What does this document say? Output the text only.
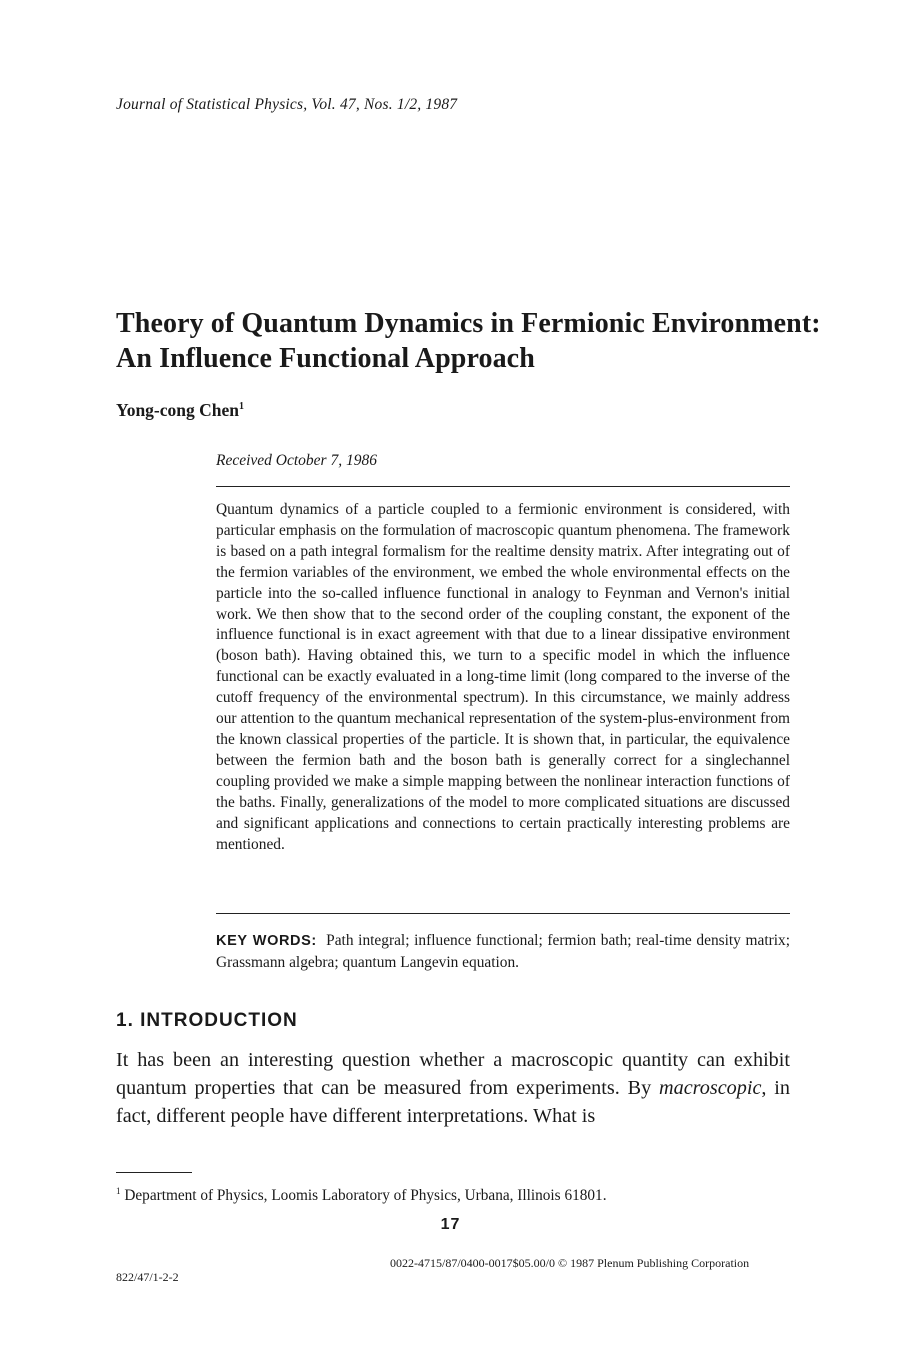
Journal of Statistical Physics, Vol. 47, Nos. 1/2, 1987
Theory of Quantum Dynamics in Fermionic Environment: An Influence Functional Approach
Yong-cong Chen$^1$
Received October 7, 1986
Quantum dynamics of a particle coupled to a fermionic environment is considered, with particular emphasis on the formulation of macroscopic quantum phenomena. The framework is based on a path integral formalism for the realtime density matrix. After integrating out of the fermion variables of the environment, we embed the whole environmental effects on the particle into the so-called influence functional in analogy to Feynman and Vernon's initial work. We then show that to the second order of the coupling constant, the exponent of the influence functional is in exact agreement with that due to a linear dissipative environment (boson bath). Having obtained this, we turn to a specific model in which the influence functional can be exactly evaluated in a long-time limit (long compared to the inverse of the cutoff frequency of the environmental spectrum). In this circumstance, we mainly address our attention to the quantum mechanical representation of the system-plus-environment from the known classical properties of the particle. It is shown that, in particular, the equivalence between the fermion bath and the boson bath is generally correct for a singlechannel coupling provided we make a simple mapping between the nonlinear interaction functions of the baths. Finally, generalizations of the model to more complicated situations are discussed and significant applications and connections to certain practically interesting problems are mentioned.
KEY WORDS: Path integral; influence functional; fermion bath; real-time density matrix; Grassmann algebra; quantum Langevin equation.
1. INTRODUCTION
It has been an interesting question whether a macroscopic quantity can exhibit quantum properties that can be measured from experiments. By macroscopic, in fact, different people have different interpretations. What is
$^1$ Department of Physics, Loomis Laboratory of Physics, Urbana, Illinois 61801.
17
0022-4715/87/0400-0017$05.00/0 © 1987 Plenum Publishing Corporation
822/47/1-2-2
